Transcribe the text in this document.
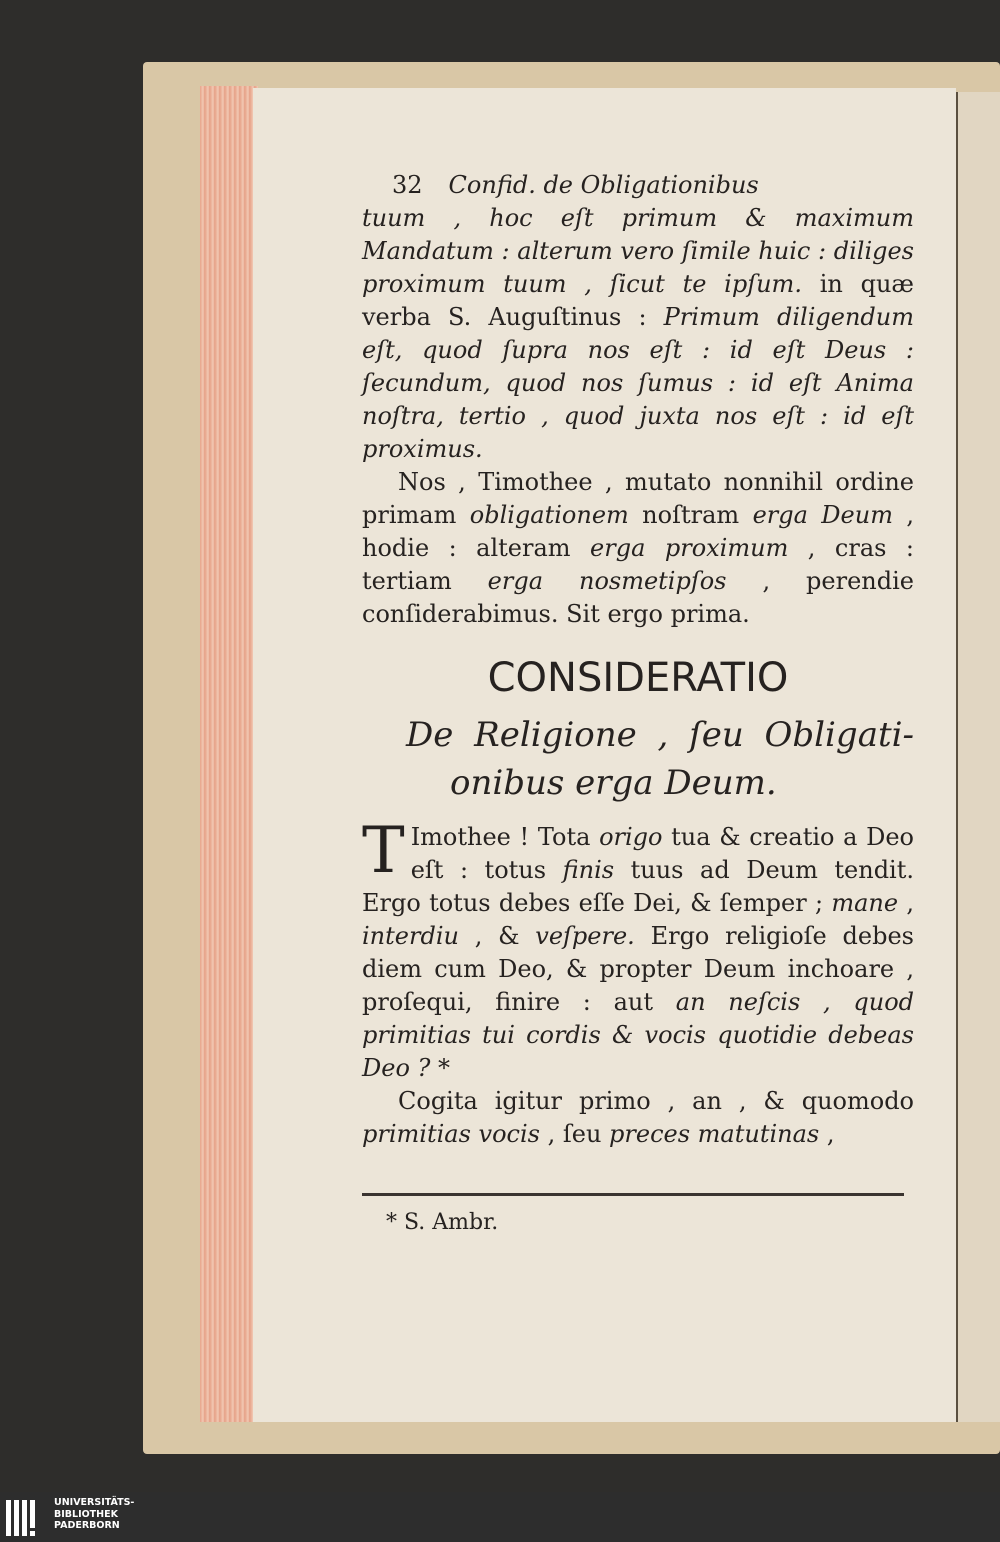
32 Confid. de Obligationibus

tuum , hoc eſt primum & maximum Mandatum : alterum vero ſimile huic : diliges proximum tuum , ſicut te ipſum. in quæ verba S. Auguſtinus : Primum diligendum eſt, quod ſupra nos eſt : id eſt Deus : ſecundum, quod nos ſumus : id eſt Anima noſtra, tertio , quod juxta nos eſt : id eſt proximus.

Nos , Timothee , mutato nonnihil ordine primam obligationem noſtram erga Deum , hodie : alteram erga proximum , cras : tertiam erga nosmetipſos , perendie conſiderabimus. Sit ergo prima.

CONSIDERATIO
De Religione , ſeu Obligati-
onibus erga Deum.

T Imothee ! Tota origo tua & creatio a Deo eſt : totus finis tuus ad Deum tendit. Ergo totus debes eſſe Dei, & ſemper ; mane , interdiu , & veſpere. Ergo religioſe debes diem cum Deo, & propter Deum inchoare , proſequi, finire : aut an neſcis , quod primitias tui cordis & vocis quotidie debeas Deo ? *

Cogita igitur primo , an , & quomodo primitias vocis , ſeu preces matutinas ,

* S. Ambr.
UNIVERSITÄTS-
BIBLIOTHEK
PADERBORN
